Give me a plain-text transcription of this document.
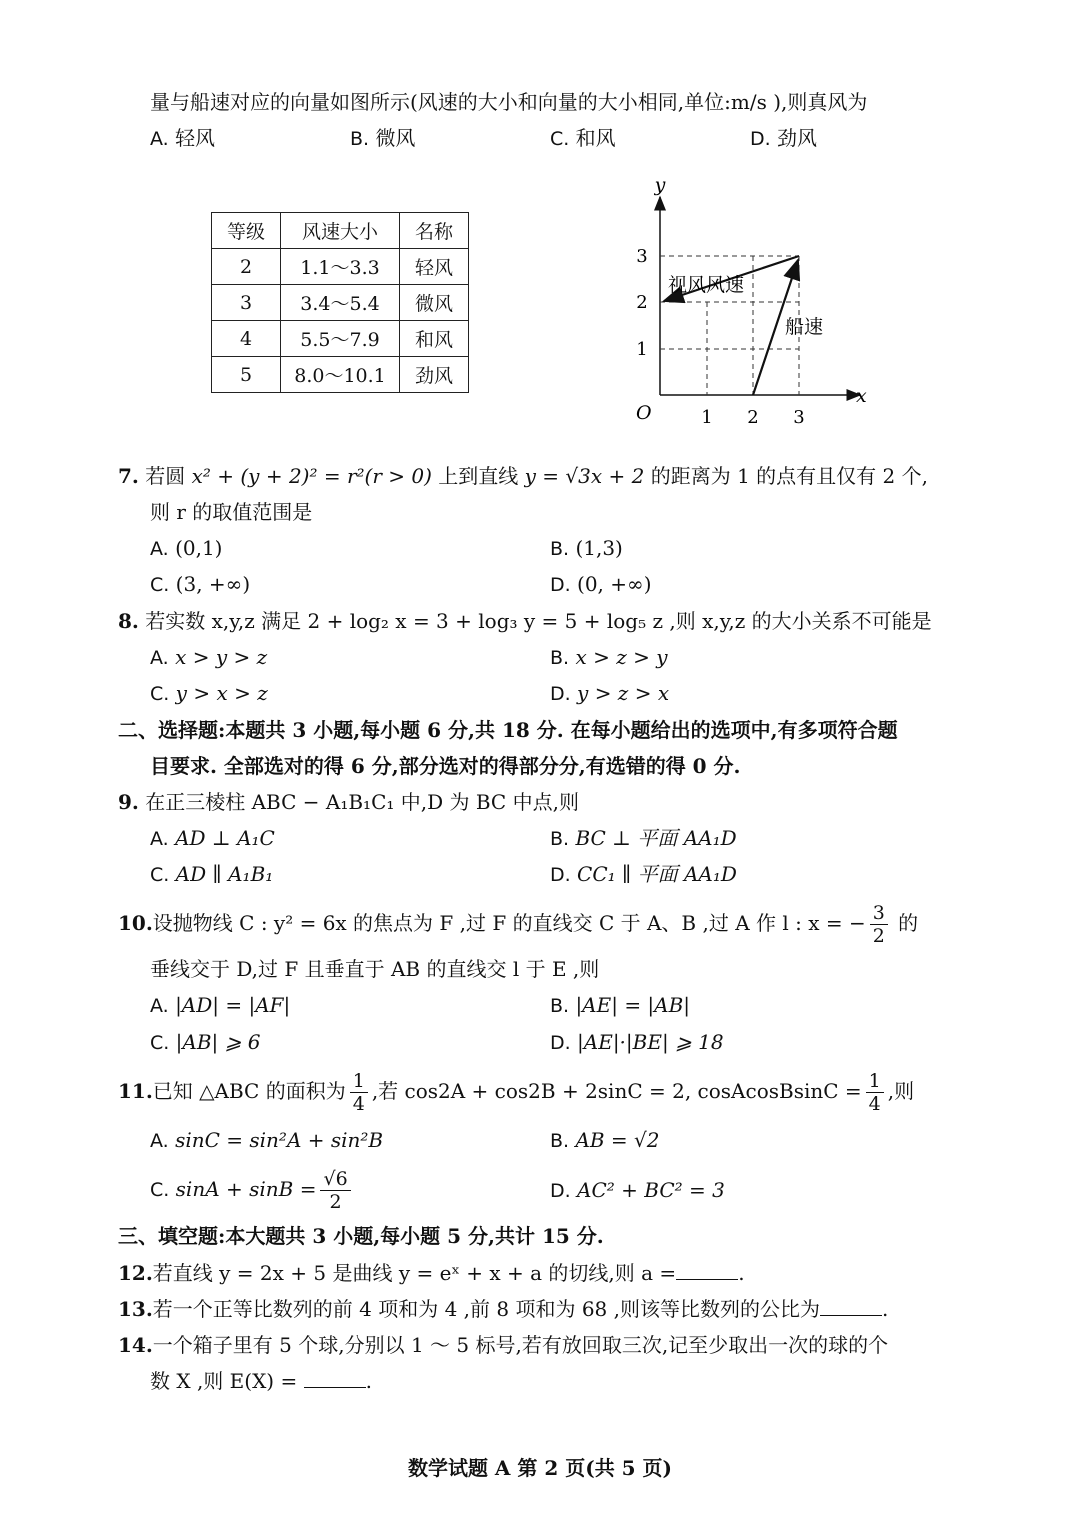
量与船速对应的向量如图所示(风速的大小和向量的大小相同,单位:m/s ),则真风为
A. 轻风	B. 微风	C. 和风	D. 劲风
等级	风速大小	名称
2	1.1～3.3	轻风
3	3.4～5.4	微风
4	5.5～7.9	和风
5	8.0～10.1	劲风
y
x
O	1 2 3
1
2
3
视风风速
船速
7. 若圆 x² + (y + 2)² = r²(r > 0) 上到直线 y = √3x + 2 的距离为 1 的点有且仅有 2 个,
则 r 的取值范围是
A. (0,1)	B. (1,3)
C. (3, +∞)	D. (0, +∞)
8. 若实数 x,y,z 满足 2 + log₂ x = 3 + log₃ y = 5 + log₅ z ,则 x,y,z 的大小关系不可能是
A. x > y > z	B. x > z > y
C. y > x > z	D. y > z > x
二、选择题:本题共 3 小题,每小题 6 分,共 18 分. 在每小题给出的选项中,有多项符合题
目要求. 全部选对的得 6 分,部分选对的得部分分,有选错的得 0 分.
9. 在正三棱柱 ABC − A₁B₁C₁ 中,D 为 BC 中点,则
A. AD ⊥ A₁C	B. BC ⊥ 平面 AA₁D
C. AD ∥ A₁B₁	D. CC₁ ∥ 平面 AA₁D
10.设抛物线 C : y² = 6x 的焦点为 F ,过 F 的直线交 C 于 A、B ,过 A 作 l : x = − $\frac{3}{2}$ 的
垂线交于 D,过 F 且垂直于 AB 的直线交 l 于 E ,则
A. |AD| = |AF|	B. |AE| = |AB|
C. |AB| ⩾ 6	D. |AE|·|BE| ⩾ 18
11.已知 △ABC 的面积为 $\frac{1}{4}$ ,若 cos2A + cos2B + 2sinC = 2, cosAcosBsinC = $\frac{1}{4}$ ,则
A. sinC = sin²A + sin²B	B. AB = √2
C. $\sin A + \sin B = \frac{√6}{2}$	D. AC² + BC² = 3
三、填空题:本大题共 3 小题,每小题 5 分,共计 15 分.
12.若直线 y = 2x + 5 是曲线 y = eˣ + x + a 的切线,则 a =	.
13.若一个正等比数列的前 4 项和为 4 ,前 8 项和为 68 ,则该等比数列的公比为	.
14.一个箱子里有 5 个球,分别以 1 ～ 5 标号,若有放回取三次,记至少取出一次的球的个
数 X ,则 E(X) =	.
数学试题 A 第 2 页(共 5 页)
